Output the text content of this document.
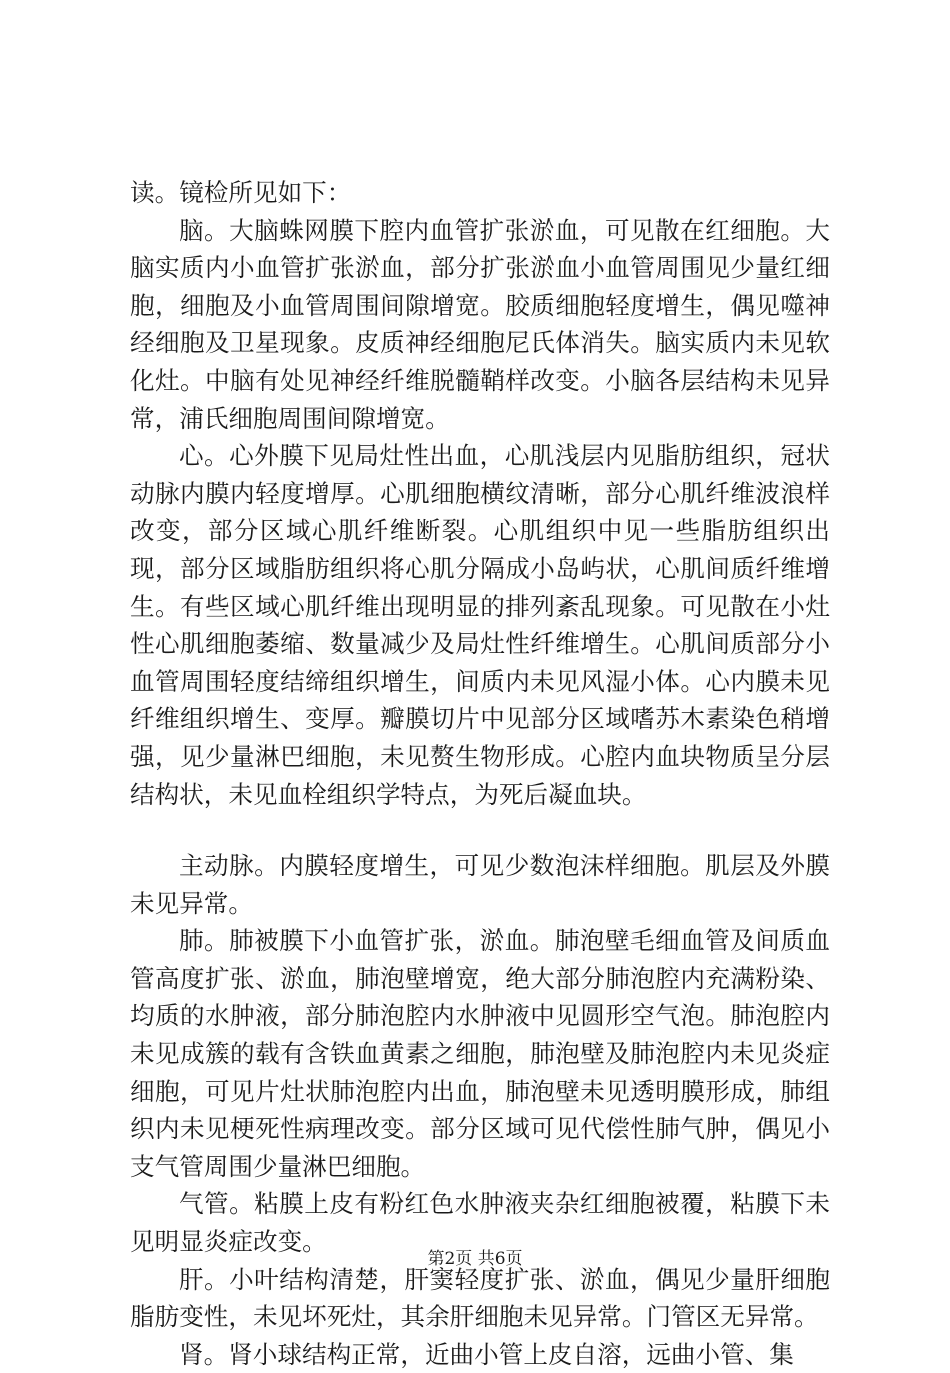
读。镜检所见如下：

脑。大脑蛛网膜下腔内血管扩张淤血，可见散在红细胞。大脑实质内小血管扩张淤血，部分扩张淤血小血管周围见少量红细胞，细胞及小血管周围间隙增宽。胶质细胞轻度增生，偶见噬神经细胞及卫星现象。皮质神经细胞尼氏体消失。脑实质内未见软化灶。中脑有处见神经纤维脱髓鞘样改变。小脑各层结构未见异常，浦氏细胞周围间隙增宽。

心。心外膜下见局灶性出血，心肌浅层内见脂肪组织，冠状动脉内膜内轻度增厚。心肌细胞横纹清晰，部分心肌纤维波浪样改变，部分区域心肌纤维断裂。心肌组织中见一些脂肪组织出现，部分区域脂肪组织将心肌分隔成小岛屿状，心肌间质纤维增生。有些区域心肌纤维出现明显的排列紊乱现象。可见散在小灶性心肌细胞萎缩、数量减少及局灶性纤维增生。心肌间质部分小血管周围轻度结缔组织增生，间质内未见风湿小体。心内膜未见纤维组织增生、变厚。瓣膜切片中见部分区域嗜苏木素染色稍增强，见少量淋巴细胞，未见赘生物形成。心腔内血块物质呈分层结构状，未见血栓组织学特点，为死后凝血块。

主动脉。内膜轻度增生，可见少数泡沫样细胞。肌层及外膜未见异常。

肺。肺被膜下小血管扩张，淤血。肺泡壁毛细血管及间质血管高度扩张、淤血，肺泡壁增宽，绝大部分肺泡腔内充满粉染、均质的水肿液，部分肺泡腔内水肿液中见圆形空气泡。肺泡腔内未见成簇的载有含铁血黄素之细胞，肺泡壁及肺泡腔内未见炎症细胞，可见片灶状肺泡腔内出血，肺泡壁未见透明膜形成，肺组织内未见梗死性病理改变。部分区域可见代偿性肺气肿，偶见小支气管周围少量淋巴细胞。

气管。粘膜上皮有粉红色水肿液夹杂红细胞被覆，粘膜下未见明显炎症改变。

肝。小叶结构清楚，肝窦轻度扩张、淤血，偶见少量肝细胞脂肪变性，未见坏死灶，其余肝细胞未见异常。门管区无异常。

肾。肾小球结构正常，近曲小管上皮自溶，远曲小管、集

第2页 共6页
